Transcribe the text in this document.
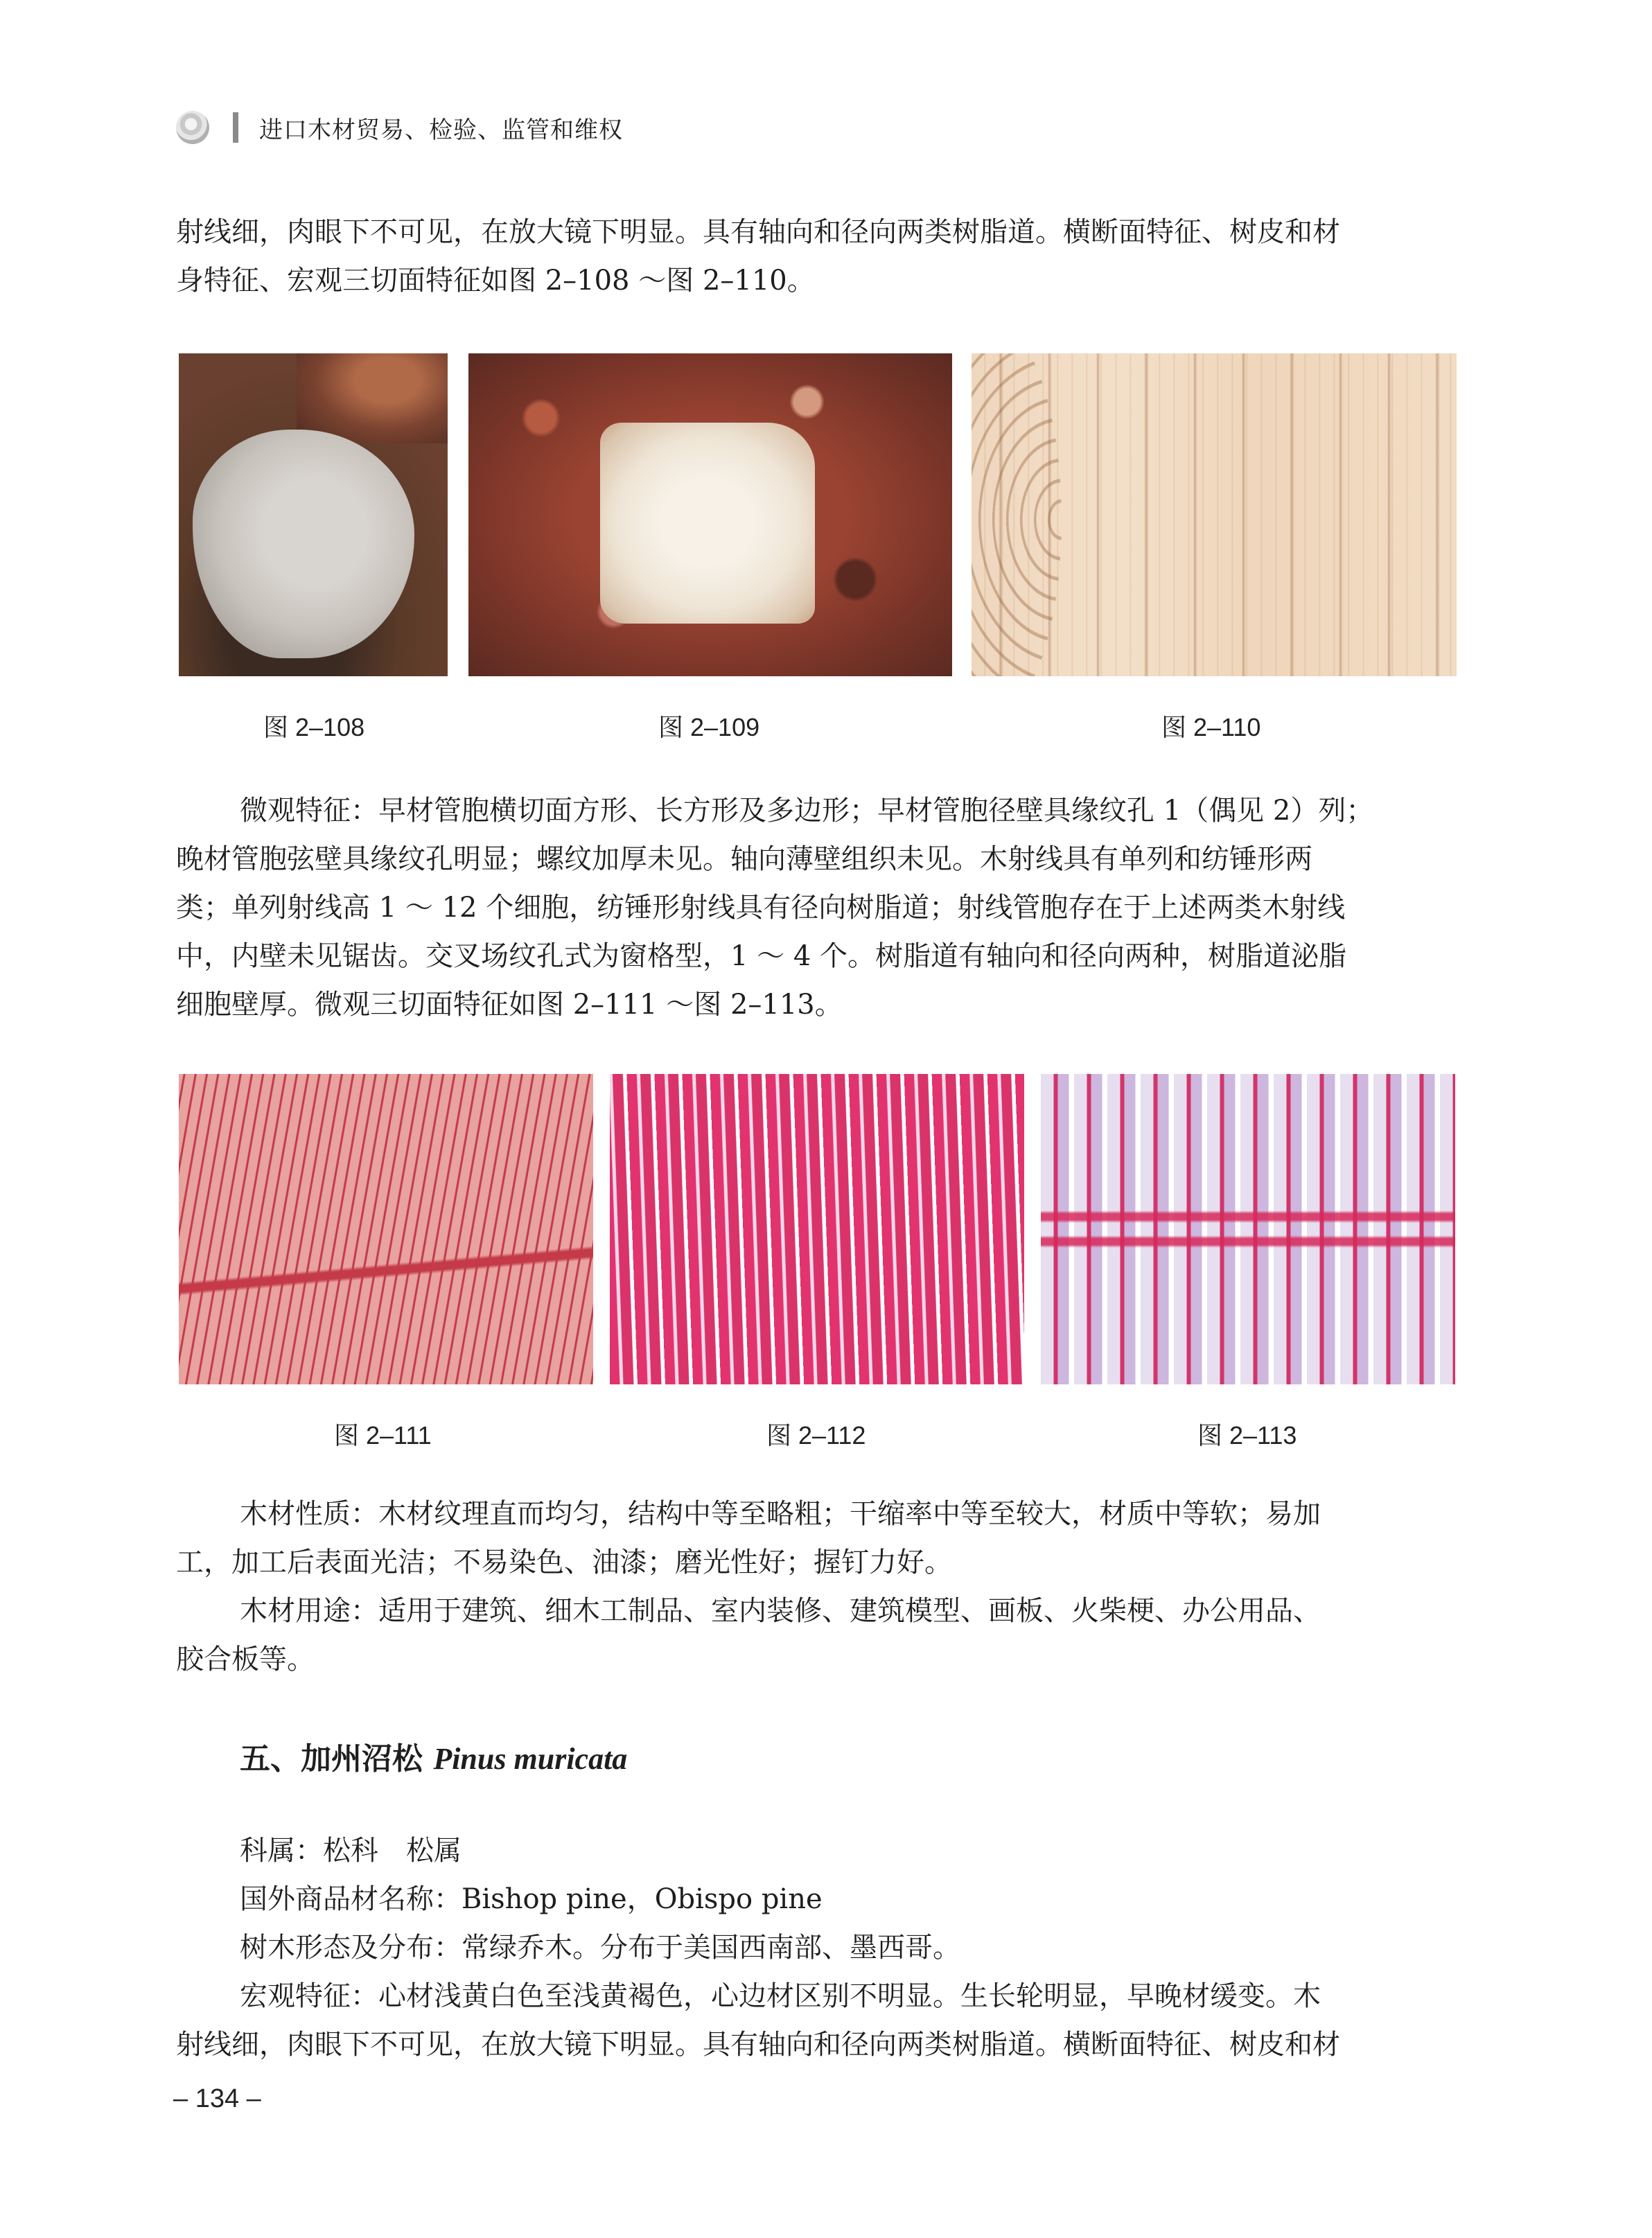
进口木材贸易、检验、监管和维权

射线细，肉眼下不可见，在放大镜下明显。具有轴向和径向两类树脂道。横断面特征、树皮和材
身特征、宏观三切面特征如图 2–108 ～图 2–110。

图 2–108	图 2–109	图 2–110

微观特征：早材管胞横切面方形、长方形及多边形；早材管胞径壁具缘纹孔 1（偶见 2）列；
晚材管胞弦壁具缘纹孔明显；螺纹加厚未见。轴向薄壁组织未见。木射线具有单列和纺锤形两
类；单列射线高 1 ～ 12 个细胞，纺锤形射线具有径向树脂道；射线管胞存在于上述两类木射线
中，内壁未见锯齿。交叉场纹孔式为窗格型，1 ～ 4 个。树脂道有轴向和径向两种，树脂道泌脂
细胞壁厚。微观三切面特征如图 2–111 ～图 2–113。

图 2–111	图 2–112	图 2–113

木材性质：木材纹理直而均匀，结构中等至略粗；干缩率中等至较大，材质中等软；易加
工，加工后表面光洁；不易染色、油漆；磨光性好；握钉力好。

木材用途：适用于建筑、细木工制品、室内装修、建筑模型、画板、火柴梗、办公用品、
胶合板等。

五、加州沼松 Pinus muricata

科属：松科　松属
国外商品材名称：Bishop pine，Obispo pine
树木形态及分布：常绿乔木。分布于美国西南部、墨西哥。

宏观特征：心材浅黄白色至浅黄褐色，心边材区别不明显。生长轮明显，早晚材缓变。木
射线细，肉眼下不可见，在放大镜下明显。具有轴向和径向两类树脂道。横断面特征、树皮和材

– 134 –
